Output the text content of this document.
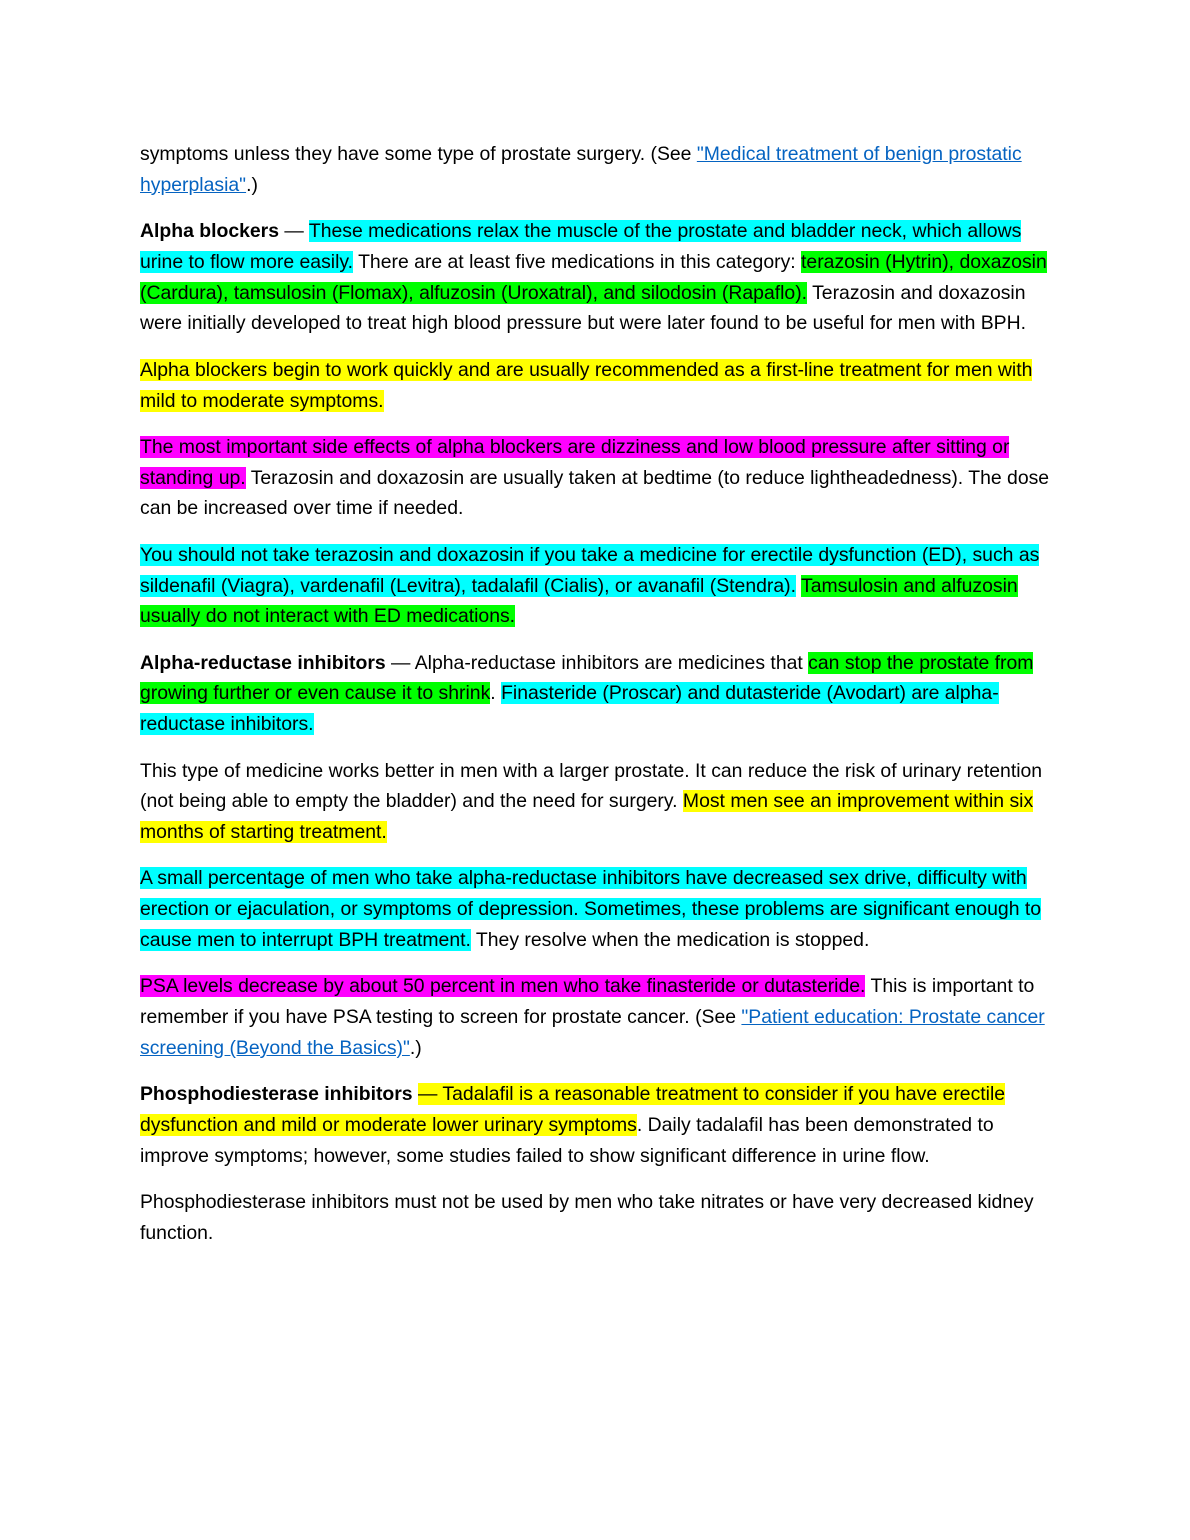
symptoms unless they have some type of prostate surgery. (See "Medical treatment of benign prostatic hyperplasia".)

Alpha blockers — These medications relax the muscle of the prostate and bladder neck, which allows urine to flow more easily. There are at least five medications in this category: terazosin (Hytrin), doxazosin (Cardura), tamsulosin (Flomax), alfuzosin (Uroxatral), and silodosin (Rapaflo). Terazosin and doxazosin were initially developed to treat high blood pressure but were later found to be useful for men with BPH.

Alpha blockers begin to work quickly and are usually recommended as a first-line treatment for men with mild to moderate symptoms.

The most important side effects of alpha blockers are dizziness and low blood pressure after sitting or standing up. Terazosin and doxazosin are usually taken at bedtime (to reduce lightheadedness). The dose can be increased over time if needed.

You should not take terazosin and doxazosin if you take a medicine for erectile dysfunction (ED), such as sildenafil (Viagra), vardenafil (Levitra), tadalafil (Cialis), or avanafil (Stendra). Tamsulosin and alfuzosin usually do not interact with ED medications.

Alpha-reductase inhibitors — Alpha-reductase inhibitors are medicines that can stop the prostate from growing further or even cause it to shrink. Finasteride (Proscar) and dutasteride (Avodart) are alpha-reductase inhibitors.

This type of medicine works better in men with a larger prostate. It can reduce the risk of urinary retention (not being able to empty the bladder) and the need for surgery. Most men see an improvement within six months of starting treatment.

A small percentage of men who take alpha-reductase inhibitors have decreased sex drive, difficulty with erection or ejaculation, or symptoms of depression. Sometimes, these problems are significant enough to cause men to interrupt BPH treatment. They resolve when the medication is stopped.

PSA levels decrease by about 50 percent in men who take finasteride or dutasteride. This is important to remember if you have PSA testing to screen for prostate cancer. (See "Patient education: Prostate cancer screening (Beyond the Basics)".)

Phosphodiesterase inhibitors — Tadalafil is a reasonable treatment to consider if you have erectile dysfunction and mild or moderate lower urinary symptoms. Daily tadalafil has been demonstrated to improve symptoms; however, some studies failed to show significant difference in urine flow.

Phosphodiesterase inhibitors must not be used by men who take nitrates or have very decreased kidney function.
